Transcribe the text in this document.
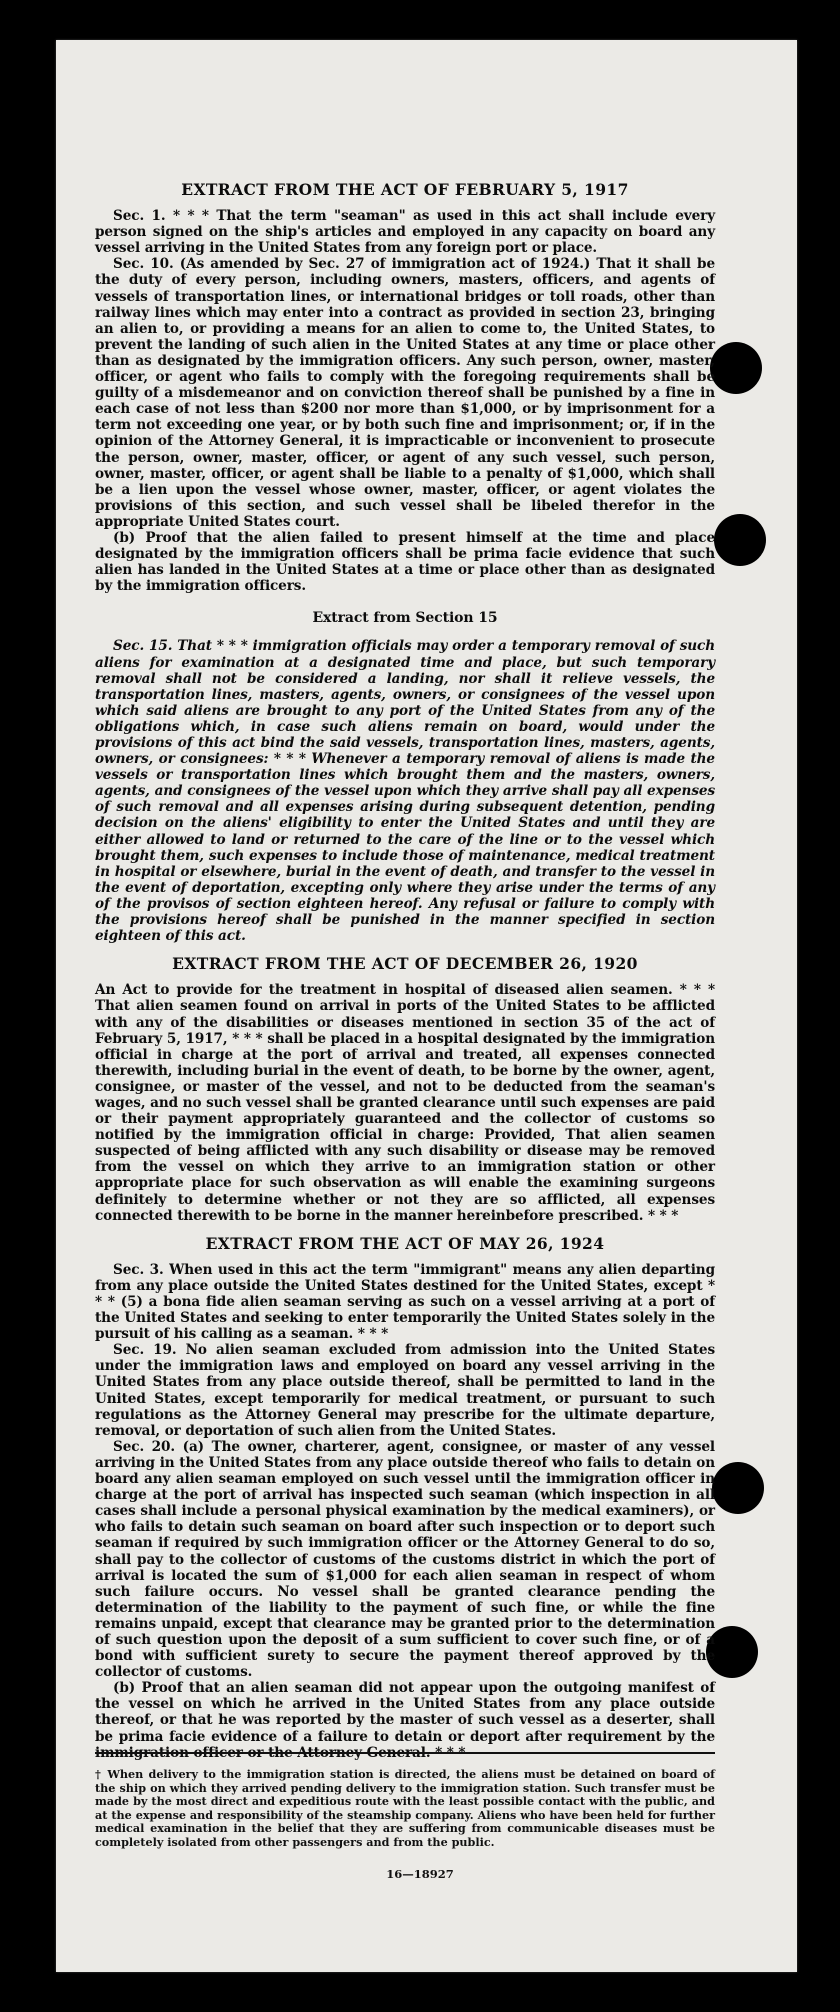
EXTRACT FROM THE ACT OF FEBRUARY 5, 1917

Sec. 1. * * * That the term "seaman" as used in this act shall include every person signed on the ship's articles and employed in any capacity on board any vessel arriving in the United States from any foreign port or place.

Sec. 10. (As amended by Sec. 27 of immigration act of 1924.) That it shall be the duty of every person, including owners, masters, officers, and agents of vessels of transportation lines, or international bridges or toll roads, other than railway lines which may enter into a contract as provided in section 23, bringing an alien to, or providing a means for an alien to come to, the United States, to prevent the landing of such alien in the United States at any time or place other than as designated by the immigration officers. Any such person, owner, master, officer, or agent who fails to comply with the foregoing requirements shall be guilty of a misdemeanor and on conviction thereof shall be punished by a fine in each case of not less than $200 nor more than $1,000, or by imprisonment for a term not exceeding one year, or by both such fine and imprisonment; or, if in the opinion of the Attorney General, it is impracticable or inconvenient to prosecute the person, owner, master, officer, or agent of any such vessel, such person, owner, master, officer, or agent shall be liable to a penalty of $1,000, which shall be a lien upon the vessel whose owner, master, officer, or agent violates the provisions of this section, and such vessel shall be libeled therefor in the appropriate United States court.

(b) Proof that the alien failed to present himself at the time and place designated by the immigration officers shall be prima facie evidence that such alien has landed in the United States at a time or place other than as designated by the immigration officers.

Extract from Section 15

Sec. 15. That * * * immigration officials may order a temporary removal of such aliens for examination at a designated time and place, but such temporary removal shall not be considered a landing, nor shall it relieve vessels, the transportation lines, masters, agents, owners, or consignees of the vessel upon which said aliens are brought to any port of the United States from any of the obligations which, in case such aliens remain on board, would under the provisions of this act bind the said vessels, transportation lines, masters, agents, owners, or consignees: * * * Whenever a temporary removal of aliens is made the vessels or transportation lines which brought them and the masters, owners, agents, and consignees of the vessel upon which they arrive shall pay all expenses of such removal and all expenses arising during subsequent detention, pending decision on the aliens' eligibility to enter the United States and until they are either allowed to land or returned to the care of the line or to the vessel which brought them, such expenses to include those of maintenance, medical treatment in hospital or elsewhere, burial in the event of death, and transfer to the vessel in the event of deportation, excepting only where they arise under the terms of any of the provisos of section eighteen hereof. Any refusal or failure to comply with the provisions hereof shall be punished in the manner specified in section eighteen of this act.

EXTRACT FROM THE ACT OF DECEMBER 26, 1920

An Act to provide for the treatment in hospital of diseased alien seamen. * * * That alien seamen found on arrival in ports of the United States to be afflicted with any of the disabilities or diseases mentioned in section 35 of the act of February 5, 1917, * * * shall be placed in a hospital designated by the immigration official in charge at the port of arrival and treated, all expenses connected therewith, including burial in the event of death, to be borne by the owner, agent, consignee, or master of the vessel, and not to be deducted from the seaman's wages, and no such vessel shall be granted clearance until such expenses are paid or their payment appropriately guaranteed and the collector of customs so notified by the immigration official in charge: Provided, That alien seamen suspected of being afflicted with any such disability or disease may be removed from the vessel on which they arrive to an immigration station or other appropriate place for such observation as will enable the examining surgeons definitely to determine whether or not they are so afflicted, all expenses connected therewith to be borne in the manner hereinbefore prescribed. * * *

EXTRACT FROM THE ACT OF MAY 26, 1924

Sec. 3. When used in this act the term "immigrant" means any alien departing from any place outside the United States destined for the United States, except * * * (5) a bona fide alien seaman serving as such on a vessel arriving at a port of the United States and seeking to enter temporarily the United States solely in the pursuit of his calling as a seaman. * * *

Sec. 19. No alien seaman excluded from admission into the United States under the immigration laws and employed on board any vessel arriving in the United States from any place outside thereof, shall be permitted to land in the United States, except temporarily for medical treatment, or pursuant to such regulations as the Attorney General may prescribe for the ultimate departure, removal, or deportation of such alien from the United States.

Sec. 20. (a) The owner, charterer, agent, consignee, or master of any vessel arriving in the United States from any place outside thereof who fails to detain on board any alien seaman employed on such vessel until the immigration officer in charge at the port of arrival has inspected such seaman (which inspection in all cases shall include a personal physical examination by the medical examiners), or who fails to detain such seaman on board after such inspection or to deport such seaman if required by such immigration officer or the Attorney General to do so, shall pay to the collector of customs of the customs district in which the port of arrival is located the sum of $1,000 for each alien seaman in respect of whom such failure occurs. No vessel shall be granted clearance pending the determination of the liability to the payment of such fine, or while the fine remains unpaid, except that clearance may be granted prior to the determination of such question upon the deposit of a sum sufficient to cover such fine, or of a bond with sufficient surety to secure the payment thereof approved by the collector of customs.

(b) Proof that an alien seaman did not appear upon the outgoing manifest of the vessel on which he arrived in the United States from any place outside thereof, or that he was reported by the master of such vessel as a deserter, shall be prima facie evidence of a failure to detain or deport after requirement by the immigration officer or the Attorney General. * * *

† When delivery to the immigration station is directed, the aliens must be detained on board of the ship on which they arrived pending delivery to the immigration station. Such transfer must be made by the most direct and expeditious route with the least possible contact with the public, and at the expense and responsibility of the steamship company. Aliens who have been held for further medical examination in the belief that they are suffering from communicable diseases must be completely isolated from other passengers and from the public.
16—18927
